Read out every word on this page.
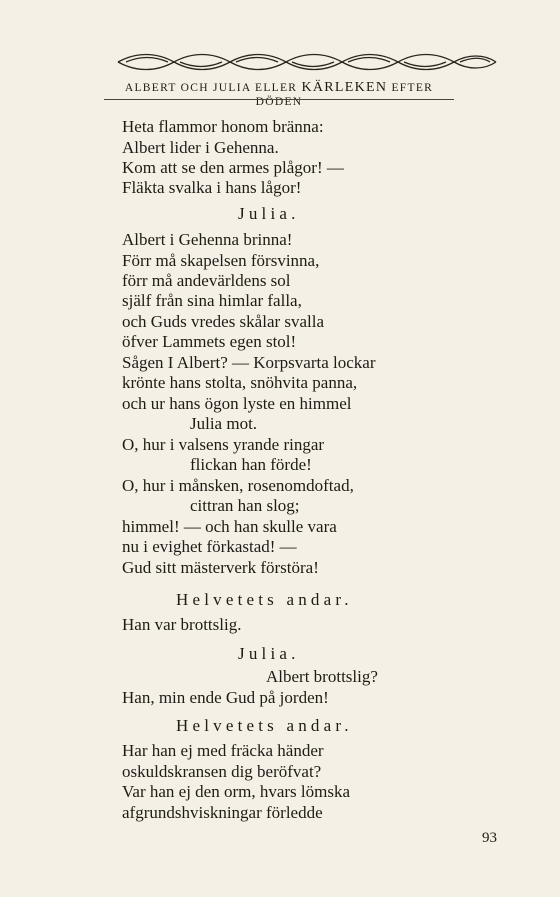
ALBERT OCH JULIA ELLER KÄRLEKEN EFTER DÖDEN
Heta flammor honom bränna:
Albert lider i Gehenna.
Kom att se den armes plågor! —
Fläkta svalka i hans lågor!
Julia.
Albert i Gehenna brinna!
Förr må skapelsen försvinna,
förr må andevärldens sol
själf från sina himlar falla,
och Guds vredes skålar svalla
öfver Lammets egen stol!
Sågen I Albert? — Korpsvarta lockar
krönte hans stolta, snöhvita panna,
och ur hans ögon lyste en himmel
Julia mot.
O, hur i valsens yrande ringar
flickan han förde!
O, hur i månsken, rosenomdoftad,
cittran han slog;
himmel! — och han skulle vara
nu i evighet förkastad! —
Gud sitt mästerverk förstöra!
Helvetets andar.
Han var brottslig.
Julia.
Albert brottslig?
Han, min ende Gud på jorden!
Helvetets andar.
Har han ej med fräcka händer
oskuldskransen dig beröfvat?
Var han ej den orm, hvars lömska
afgrundshviskningar förledde
93
